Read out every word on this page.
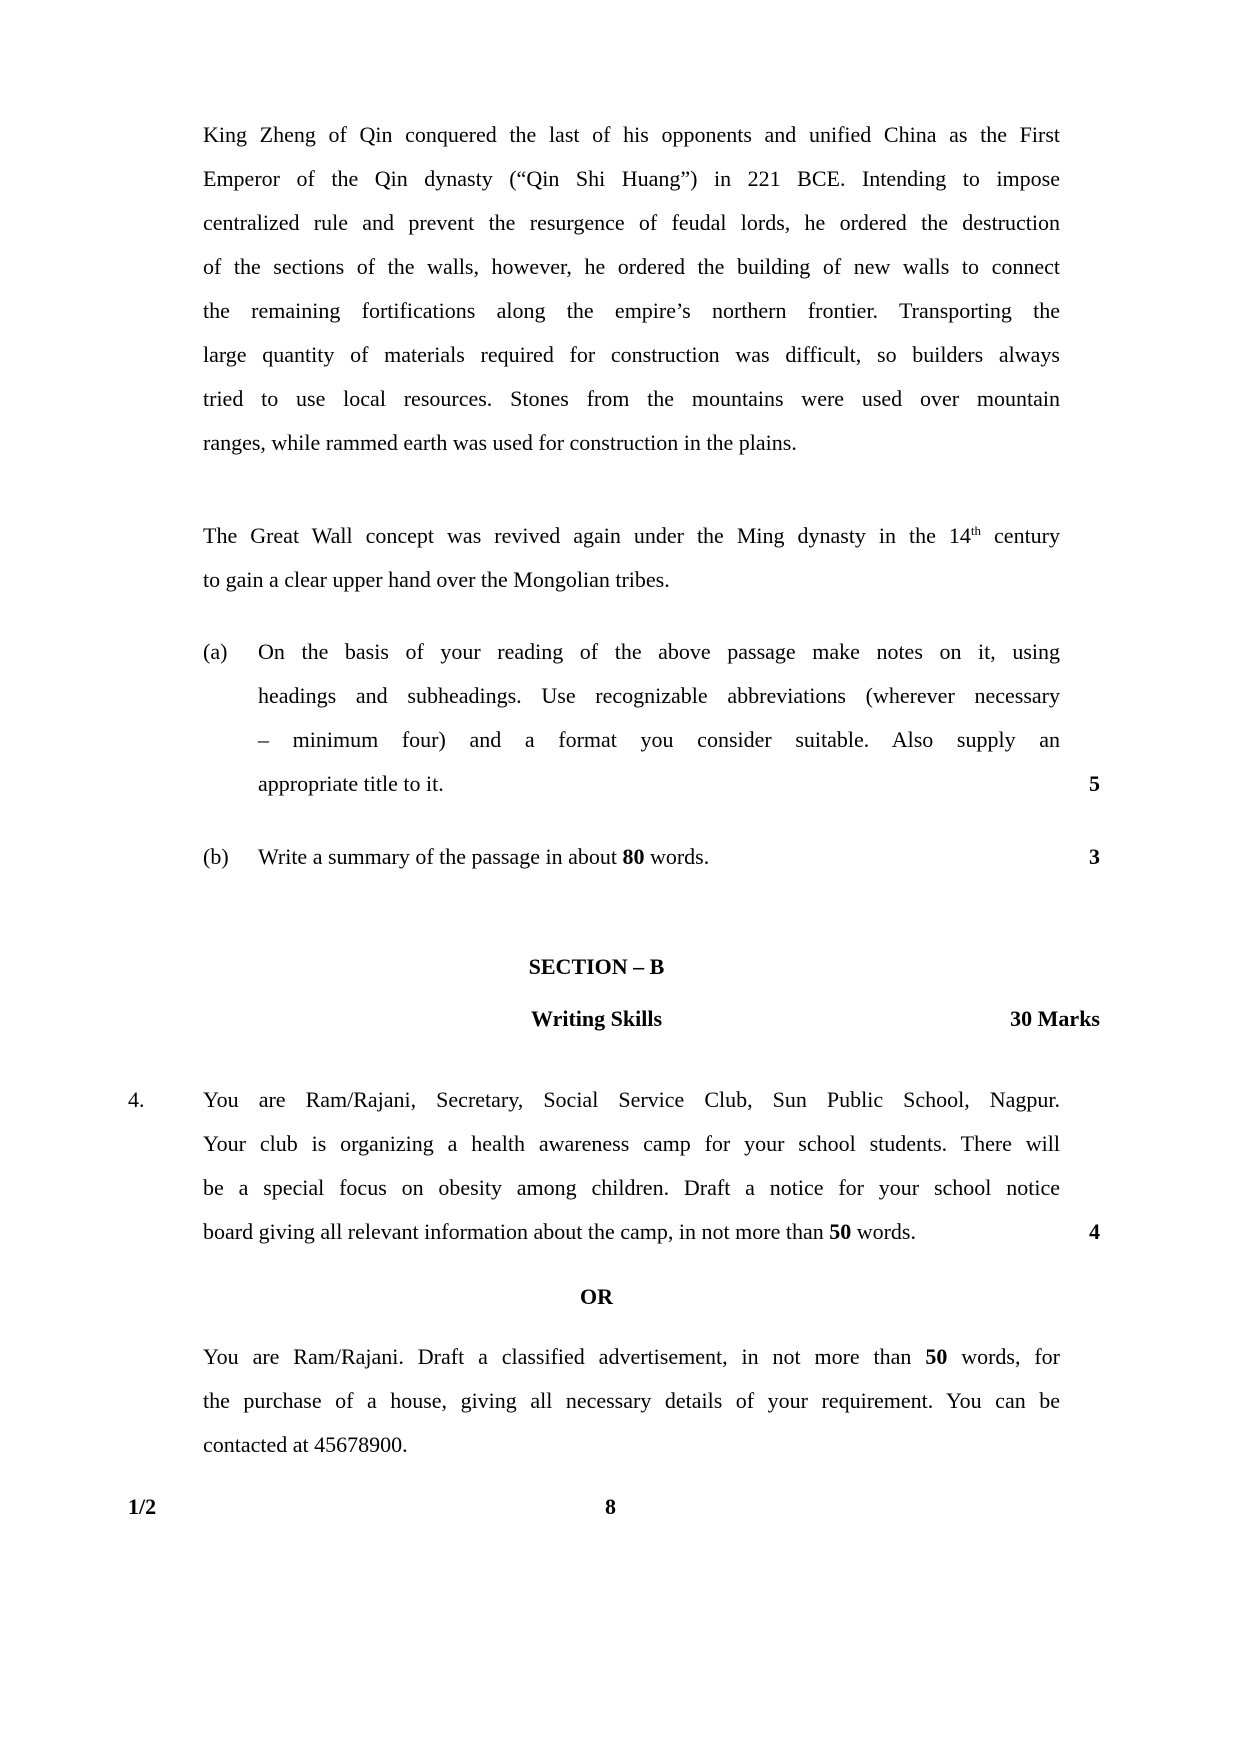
King Zheng of Qin conquered the last of his opponents and unified China as the First
Emperor of the Qin dynasty (“Qin Shi Huang”) in 221 BCE. Intending to impose
centralized rule and prevent the resurgence of feudal lords, he ordered the destruction
of the sections of the walls, however, he ordered the building of new walls to connect
the remaining fortifications along the empire’s northern frontier. Transporting the
large quantity of materials required for construction was difficult, so builders always
tried to use local resources. Stones from the mountains were used over mountain
ranges, while rammed earth was used for construction in the plains.
The Great Wall concept was revived again under the Ming dynasty in the 14th century
to gain a clear upper hand over the Mongolian tribes.
(a)	On the basis of your reading of the above passage make notes on it, using
headings and subheadings. Use recognizable abbreviations (wherever necessary
– minimum four) and a format you consider suitable. Also supply an
appropriate title to it.	5
(b)	Write a summary of the passage in about 80 words.	3
SECTION – B
Writing Skills	30 Marks
4.	You are Ram/Rajani, Secretary, Social Service Club, Sun Public School, Nagpur.
Your club is organizing a health awareness camp for your school students. There will
be a special focus on obesity among children. Draft a notice for your school notice
board giving all relevant information about the camp, in not more than 50 words.	4
OR
You are Ram/Rajani. Draft a classified advertisement, in not more than 50 words, for
the purchase of a house, giving all necessary details of your requirement. You can be
contacted at 45678900.
1/2	8
